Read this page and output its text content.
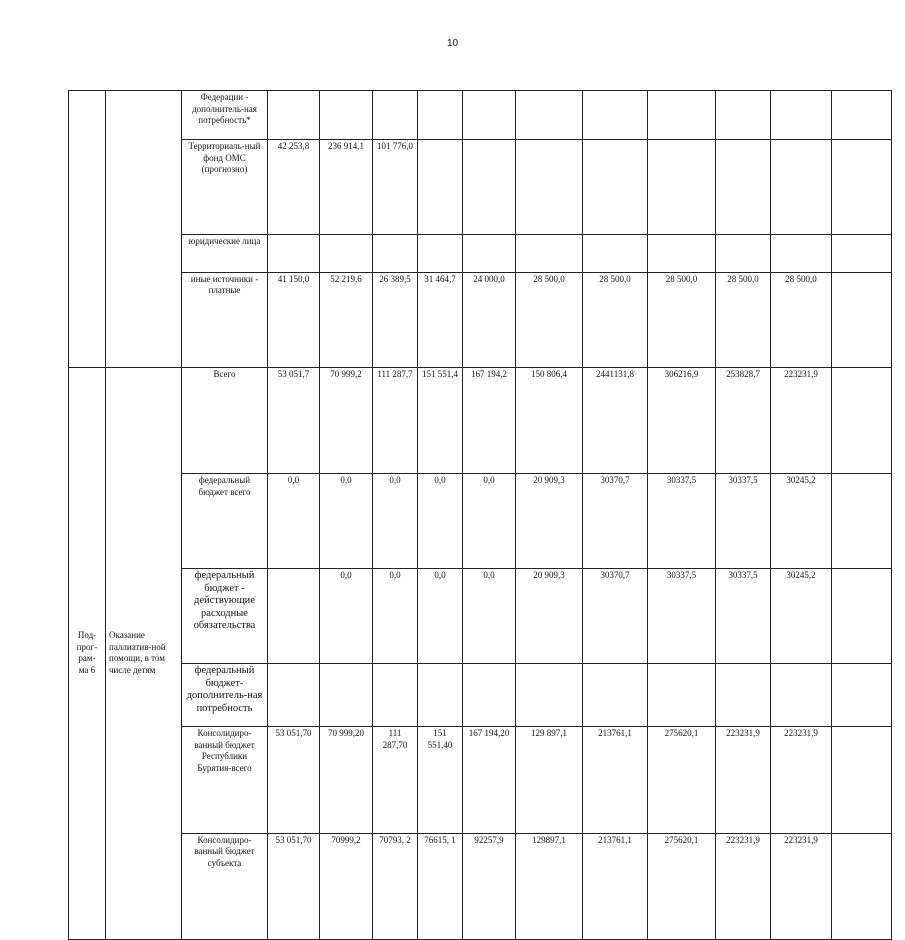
10
		Федерации - дополнитель-ная потребность*												
		Территориаль-ный фонд ОМС (прогнозно)	42 253,8	236 914,1	101 776,0									
		юридические лица												
		иные источники - платные	41 150,0	52 219,6	26 389,5	31 464,7	24 000,0	28 500,0	28 500,0	28 500,0	28 500,0	28 500,0		
Под-
прог-
рам-
ма 6	Оказание паллиатив-ной помощи, в том числе детям	Всего	53 051,7	70 999,2	111 287,7	151 551,4	167 194,2	150 806,4	2441131,8	306216,9	253828,7	223231,9		
		федеральный бюджет всего	0,0	0,0	0,0	0,0	0,0	20 909,3	30370,7	30337,5	30337,5	30245,2		
		федеральный бюджет - действующие расходные обязательства		0,0	0,0	0,0	0,0	20 909,3	30370,7	30337,5	30337,5	30245,2		
		федеральный бюджет-дополнитель-ная потребность												
		Консолидиро-ванный бюджет Республики Бурятия-всего	53 051,70	70 999,20	111 287,70	151 551,40	167 194,20	129 897,1	213761,1	275620,1	223231,9	223231,9		
		Консолидиро-ванный бюджет субъекта	53 051,70	70999,2	70793, 2	76615, 1	92257,9	129897,1	213761,1	275620,1	223231,9	223231,9		
